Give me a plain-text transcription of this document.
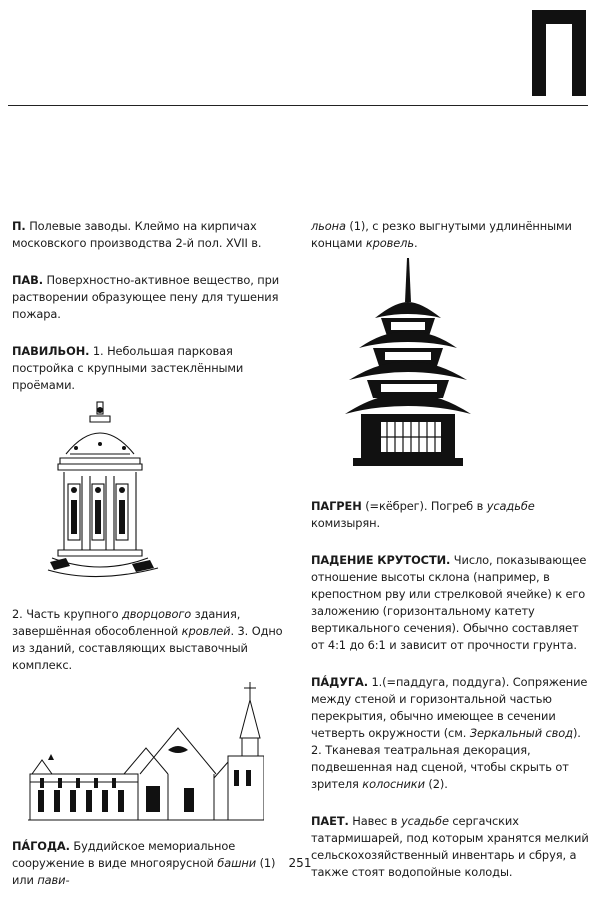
П. Полевые заводы. Клеймо на кирпичах московского производства 2-й пол. XVII в.

ПАВ. Поверхностно-активное вещество, при растворении образующее пену для тушения пожара.

ПАВИЛЬОН. 1. Небольшая парковая постройка с крупными застеклёнными проёмами.

2. Часть крупного дворцового здания, завершённая обособленной кровлей. 3. Одно из зданий, составляющих выставочный комплекс.

ПÁГОДА. Буддийское мемориальное сооружение в виде многоярусной башни (1) или пави-

льона (1), с резко выгнутыми удлинёнными концами кровель.

ПАГРЕН (=кёбрег). Погреб в усадьбе комизырян.

ПАДЕНИЕ КРУТОСТИ. Число, показывающее отношение высоты склона (например, в крепостном рву или стрелковой ячейке) к его заложению (горизонтальному катету вертикального сечения). Обычно составляет от 4:1 до 6:1 и зависит от прочности грунта.

ПÁДУГА. 1.(=паддуга, поддуга). Сопряжение между стеной и горизонтальной частью перекрытия, обычно имеющее в сечении четверть окружности (см. Зеркальный свод). 2. Тканевая театральная декорация, подвешенная над сценой, чтобы скрыть от зрителя колосники (2).

ПАЕТ. Навес в усадьбе сергачских татармишарей, под которым хранятся мелкий сельскохозяйственный инвентарь и сбруя, а также стоят водопойные колоды.

251
